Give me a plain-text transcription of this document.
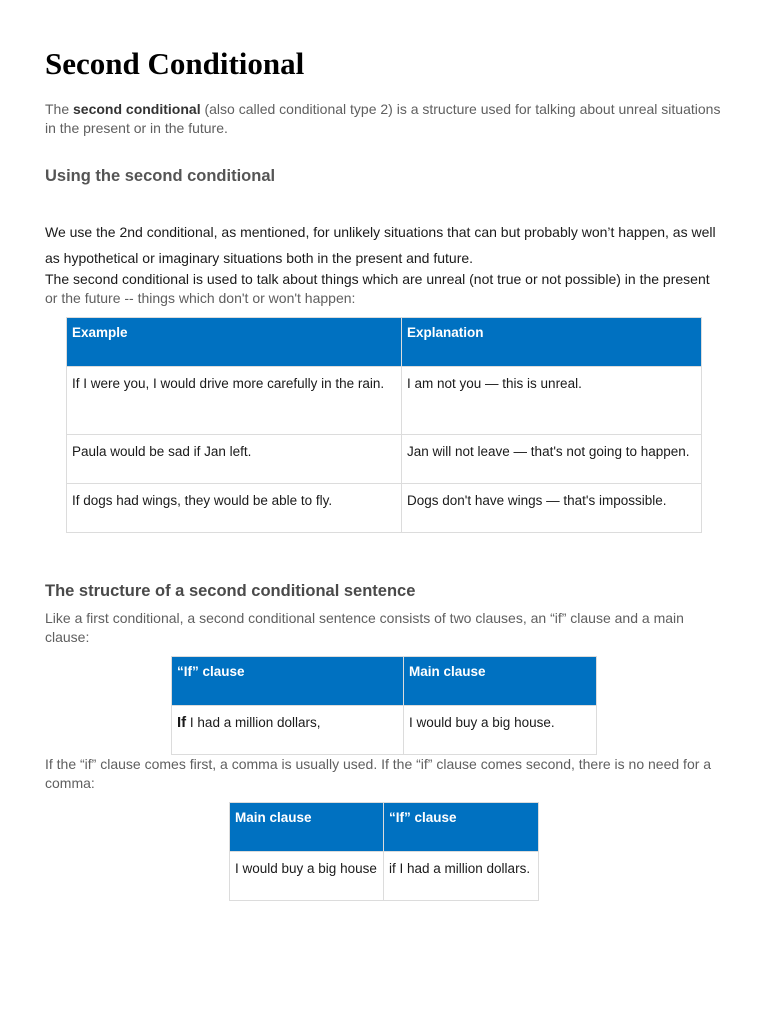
Second Conditional

The second conditional (also called conditional type 2) is a structure used for talking about unreal situations in the present or in the future.

Using the second conditional

We use the 2nd conditional, as mentioned, for unlikely situations that can but probably won’t happen, as well as hypothetical or imaginary situations both in the present and future.

The second conditional is used to talk about things which are unreal (not true or not possible) in the present or the future -- things which don't or won't happen:

Example	Explanation
If I were you, I would drive more carefully in the rain.	I am not you — this is unreal.
Paula would be sad if Jan left.	Jan will not leave — that's not going to happen.
If dogs had wings, they would be able to fly.	Dogs don't have wings — that's impossible.
The structure of a second conditional sentence

Like a first conditional, a second conditional sentence consists of two clauses, an “if” clause and a main clause:

“If” clause	Main clause
If I had a million dollars,	I would buy a big house.

If the “if” clause comes first, a comma is usually used. If the “if” clause comes second, there is no need for a comma:

Main clause	“If” clause
I would buy a big house	if I had a million dollars.
